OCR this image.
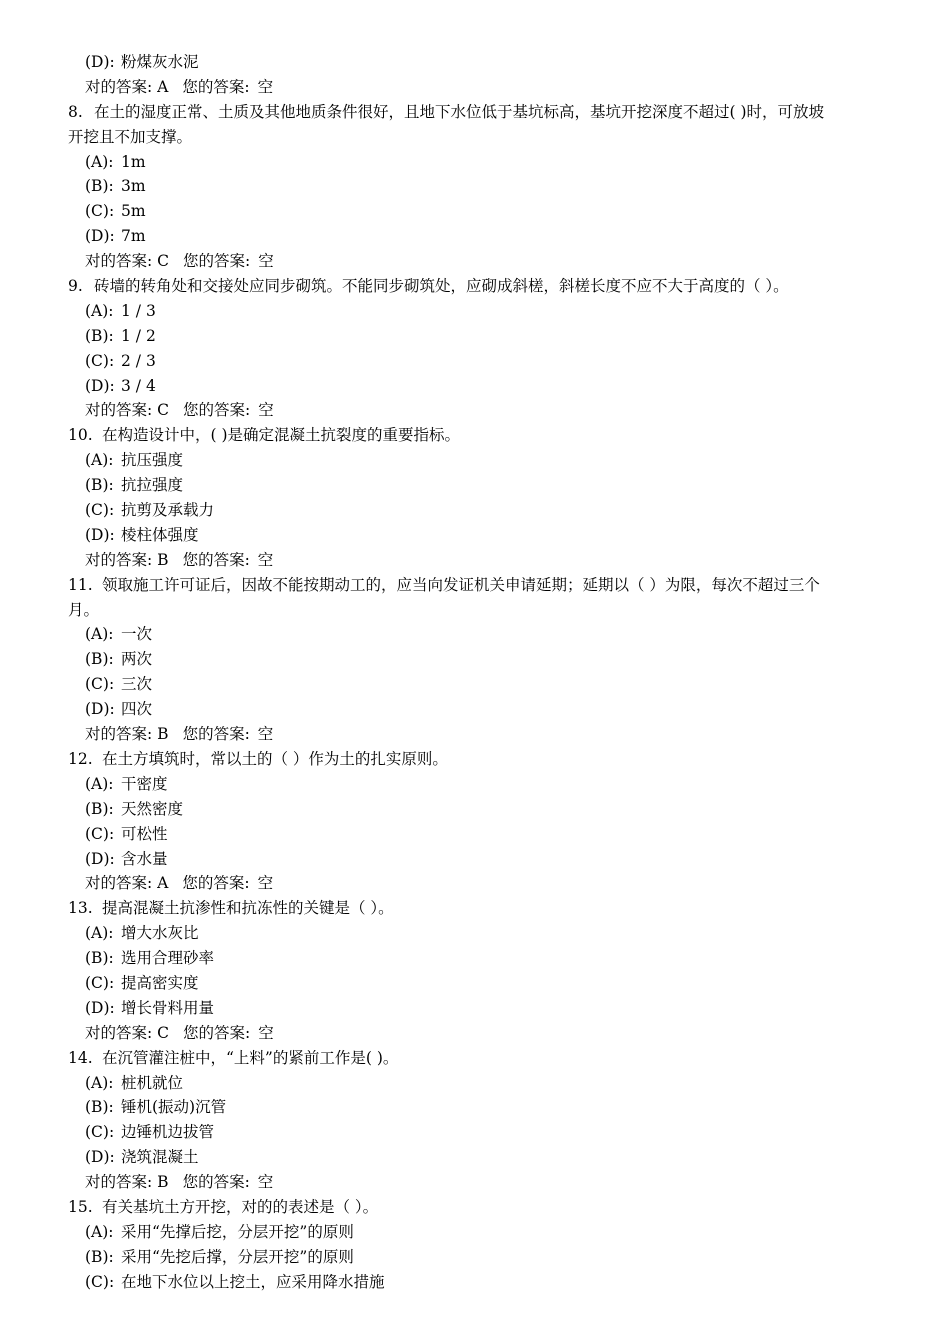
(D): 粉煤灰水泥
对的答案: A 您的答案: 空
8. 在土的湿度正常、土质及其他地质条件很好，且地下水位低于基坑标高，基坑开挖深度不超过( )时，可放坡
开挖且不加支撑。
(A): 1m
(B): 3m
(C): 5m
(D): 7m
对的答案: C 您的答案: 空
9. 砖墙的转角处和交接处应同步砌筑。不能同步砌筑处，应砌成斜槎，斜槎长度不应不大于高度的（ ）。
(A): 1 / 3
(B): 1 / 2
(C): 2 / 3
(D): 3 / 4
对的答案: C 您的答案: 空
10. 在构造设计中，( )是确定混凝土抗裂度的重要指标。
(A): 抗压强度
(B): 抗拉强度
(C): 抗剪及承载力
(D): 棱柱体强度
对的答案: B 您的答案: 空
11. 领取施工许可证后，因故不能按期动工的，应当向发证机关申请延期；延期以（ ）为限，每次不超过三个
月。
(A): 一次
(B): 两次
(C): 三次
(D): 四次
对的答案: B 您的答案: 空
12. 在土方填筑时，常以土的（ ）作为土的扎实原则。
(A): 干密度
(B): 天然密度
(C): 可松性
(D): 含水量
对的答案: A 您的答案: 空
13. 提高混凝土抗渗性和抗冻性的关键是（ ）。
(A): 增大水灰比
(B): 选用合理砂率
(C): 提高密实度
(D): 增长骨料用量
对的答案: C 您的答案: 空
14. 在沉管灌注桩中，“上料”的紧前工作是( )。
(A): 桩机就位
(B): 锤机(振动)沉管
(C): 边锤机边拔管
(D): 浇筑混凝土
对的答案: B 您的答案: 空
15. 有关基坑土方开挖，对的的表述是（ ）。
(A): 采用“先撑后挖，分层开挖”的原则
(B): 采用“先挖后撑，分层开挖”的原则
(C): 在地下水位以上挖土，应采用降水措施
